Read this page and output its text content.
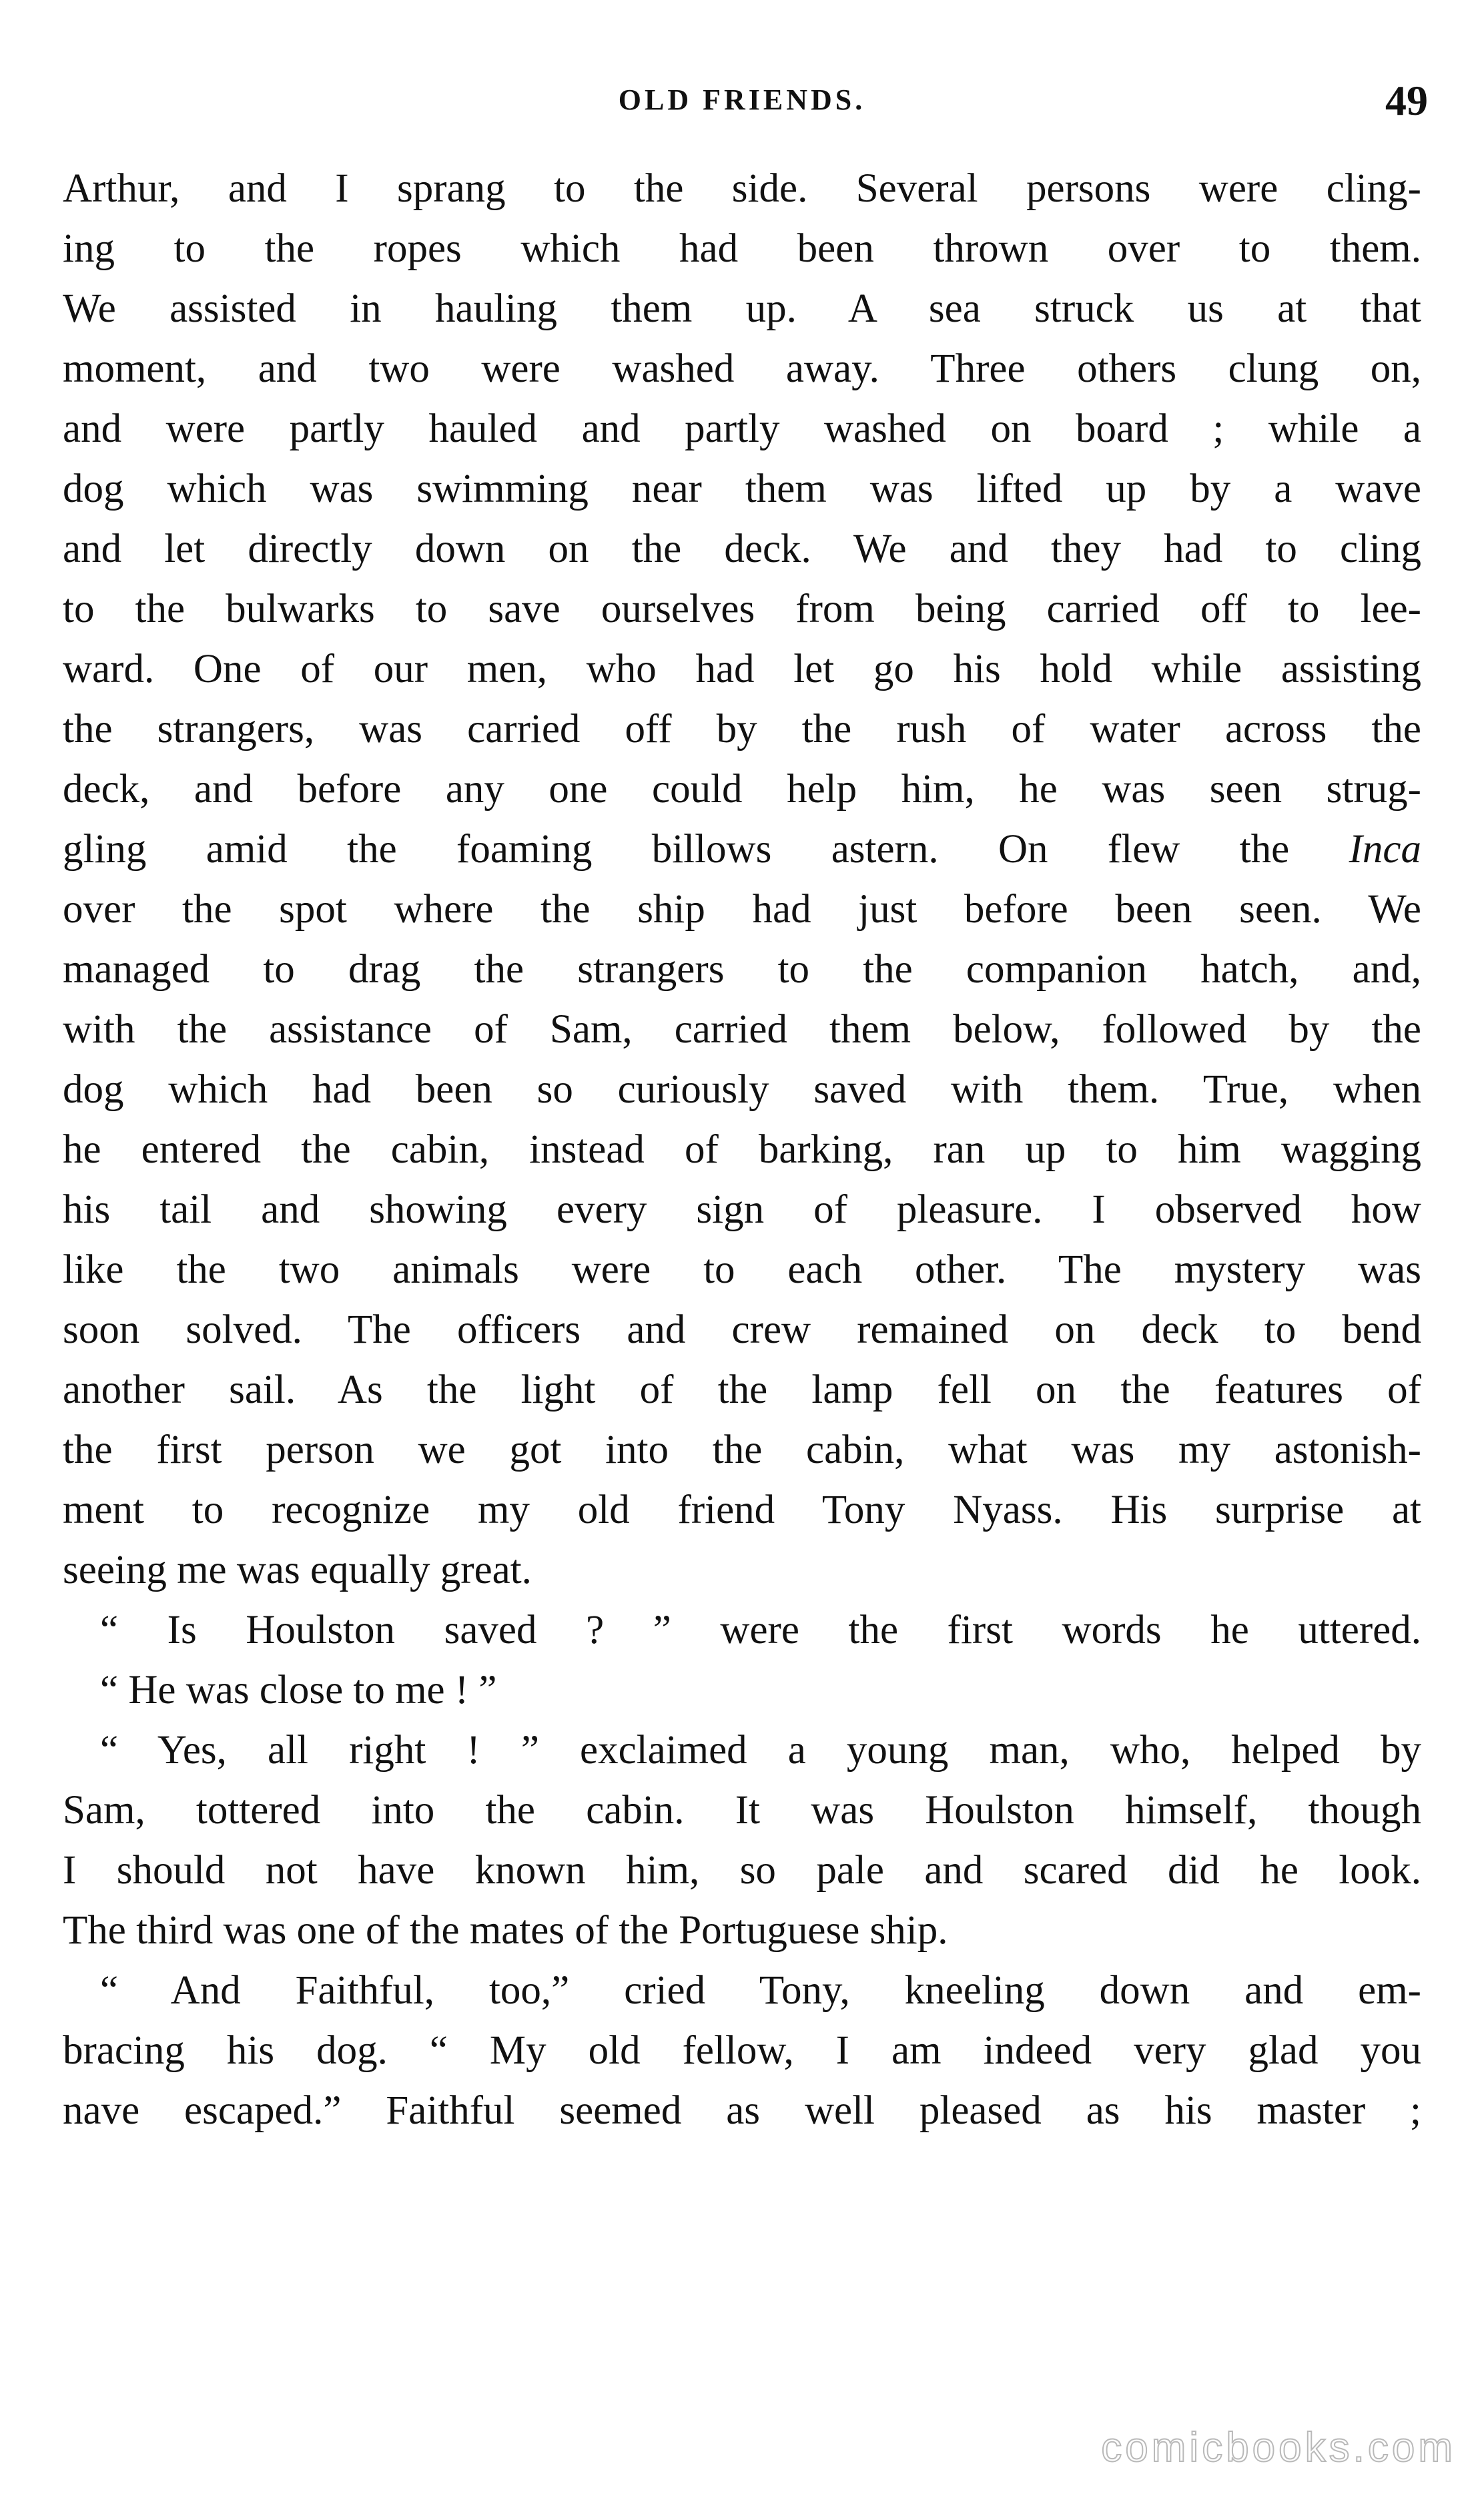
OLD FRIENDS.	49
Arthur, and I sprang to the side. Several persons were cling-
ing to the ropes which had been thrown over to them.
We assisted in hauling them up. A sea struck us at that
moment, and two were washed away. Three others clung on,
and were partly hauled and partly washed on board ; while a
dog which was swimming near them was lifted up by a wave
and let directly down on the deck. We and they had to cling
to the bulwarks to save ourselves from being carried off to lee-
ward. One of our men, who had let go his hold while assisting
the strangers, was carried off by the rush of water across the
deck, and before any one could help him, he was seen strug-
gling amid the foaming billows astern. On flew the Inca
over the spot where the ship had just before been seen. We
managed to drag the strangers to the companion hatch, and,
with the assistance of Sam, carried them below, followed by the
dog which had been so curiously saved with them. True, when
he entered the cabin, instead of barking, ran up to him wagging
his tail and showing every sign of pleasure. I observed how
like the two animals were to each other. The mystery was
soon solved. The officers and crew remained on deck to bend
another sail. As the light of the lamp fell on the features of
the first person we got into the cabin, what was my astonish-
ment to recognize my old friend Tony Nyass. His surprise at
seeing me was equally great.
“ Is Houlston saved ? ” were the first words he uttered.
“ He was close to me ! ”
“ Yes, all right ! ” exclaimed a young man, who, helped by
Sam, tottered into the cabin. It was Houlston himself, though
I should not have known him, so pale and scared did he look.
The third was one of the mates of the Portuguese ship.
“ And Faithful, too,” cried Tony, kneeling down and em-
bracing his dog. “ My old fellow, I am indeed very glad you
nave escaped.” Faithful seemed as well pleased as his master ;
comicbooks.com
